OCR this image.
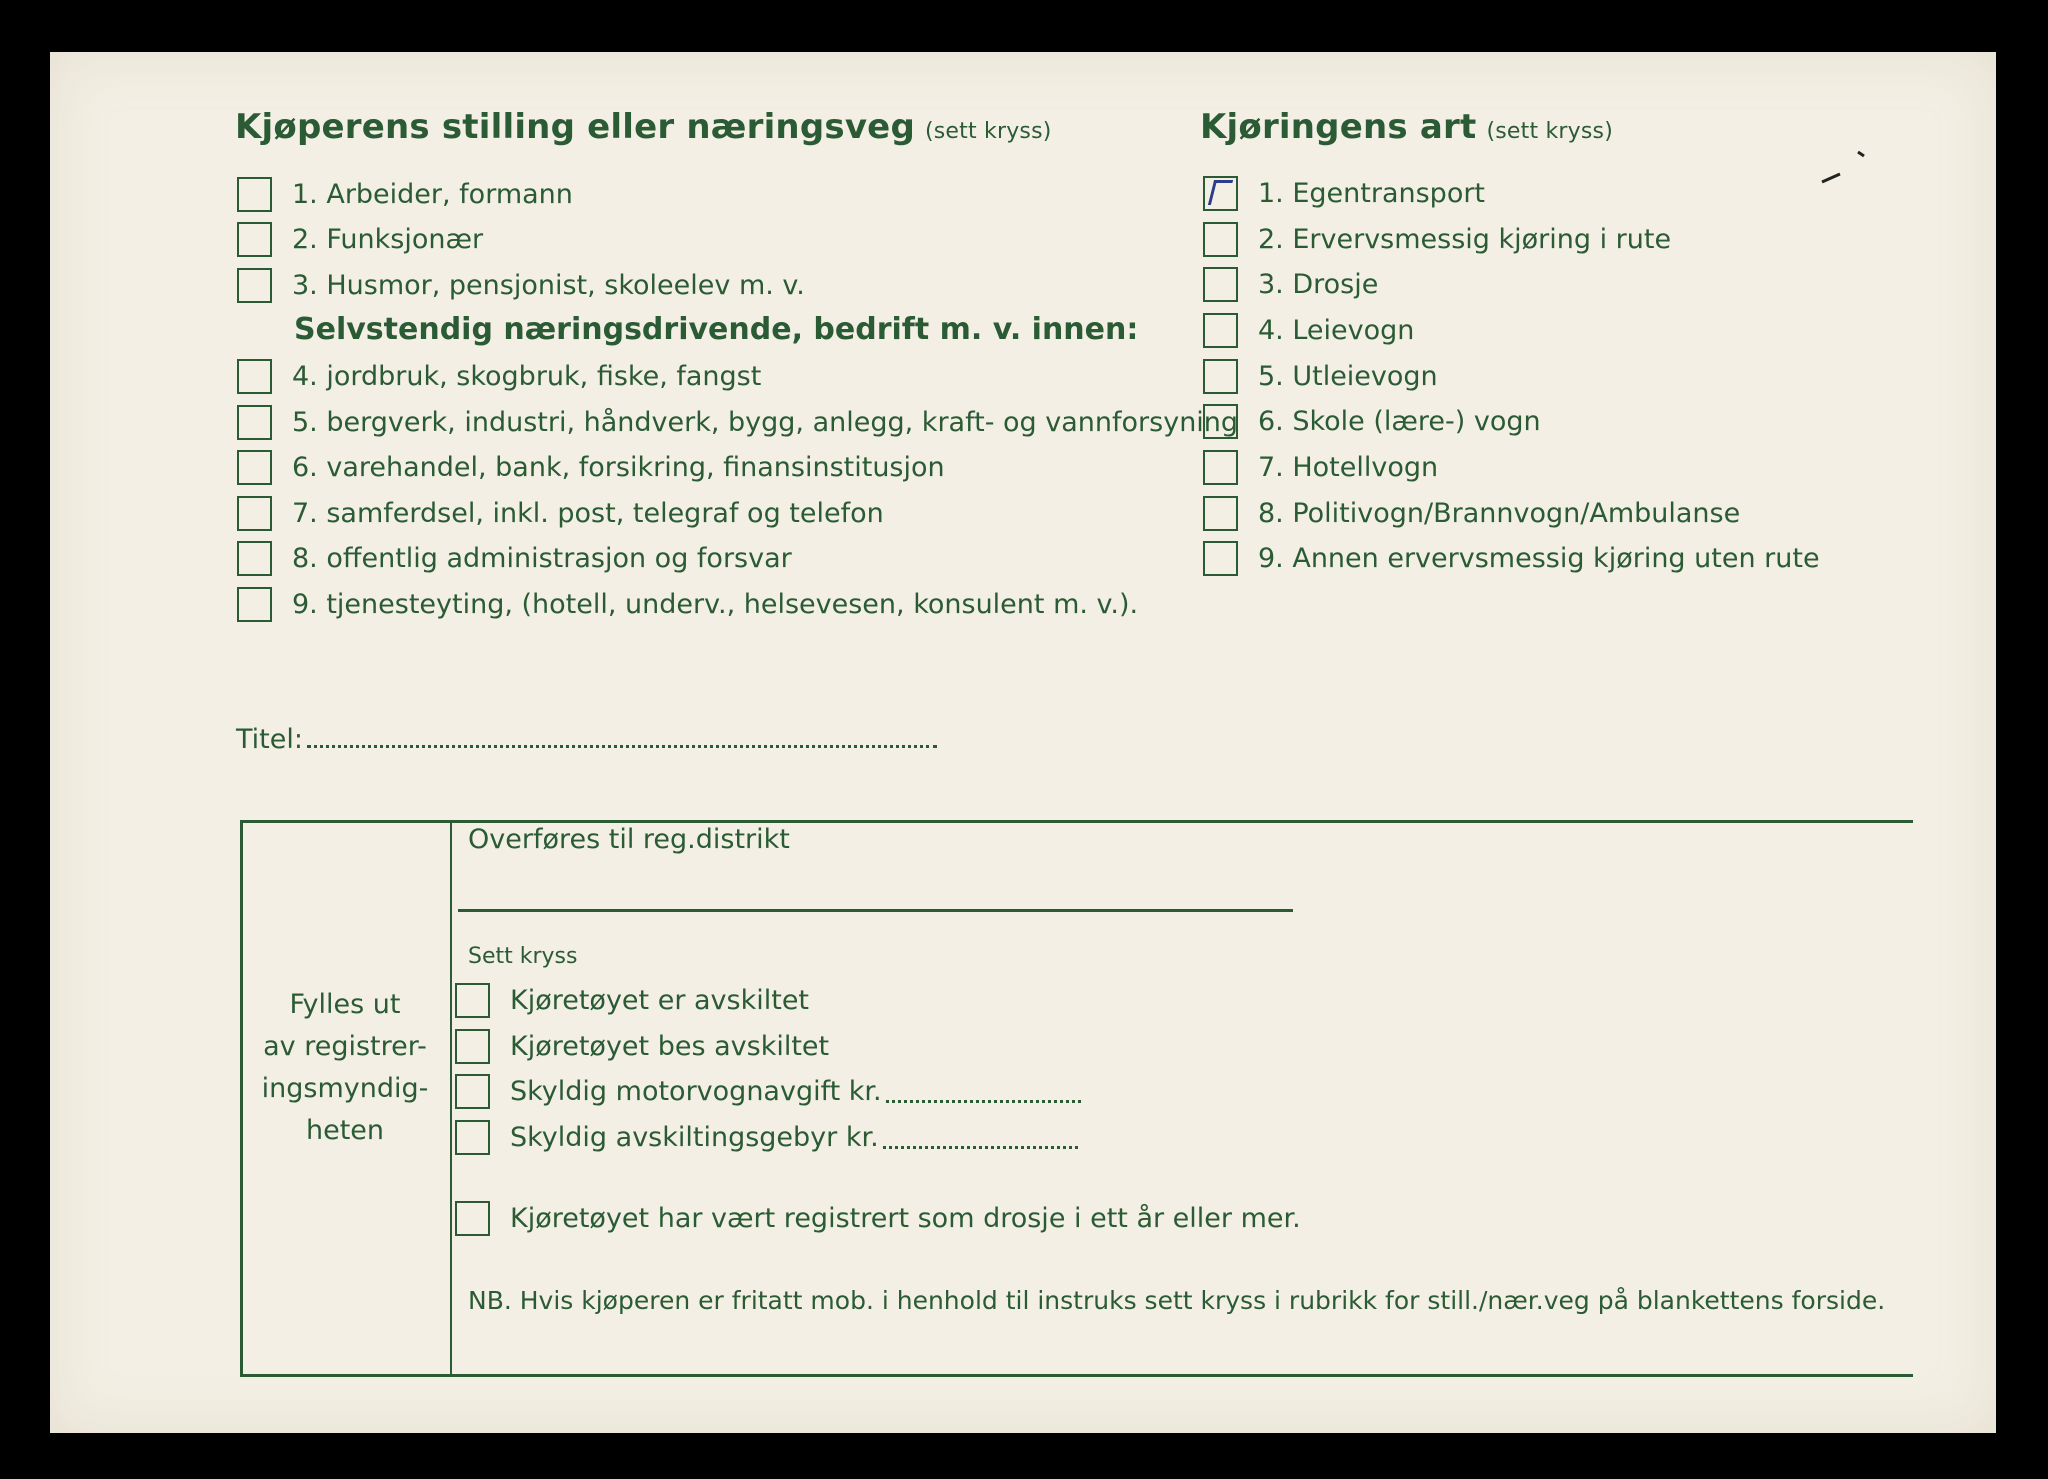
Kjøperens stilling eller næringsveg (sett kryss)
1. Arbeider, formann
2. Funksjonær
3. Husmor, pensjonist, skoleelev m. v.
Selvstendig næringsdrivende, bedrift m. v. innen:
4. jordbruk, skogbruk, fiske, fangst
5. bergverk, industri, håndverk, bygg, anlegg, kraft- og vannforsyning
6. varehandel, bank, forsikring, finansinstitusjon
7. samferdsel, inkl. post, telegraf og telefon
8. offentlig administrasjon og forsvar
9. tjenesteyting, (hotell, underv., helsevesen, konsulent m. v.).
Titel:
Kjøringens art (sett kryss)
1. Egentransport
2. Ervervsmessig kjøring i rute
3. Drosje
4. Leievogn
5. Utleievogn
6. Skole (lære-) vogn
7. Hotellvogn
8. Politivogn/Brannvogn/Ambulanse
9. Annen ervervsmessig kjøring uten rute
Fylles ut
av registrer-
ingsmyndig-
heten
Overføres til reg.distrikt
Sett kryss
Kjøretøyet er avskiltet
Kjøretøyet bes avskiltet
Skyldig motorvognavgift kr.
Skyldig avskiltingsgebyr kr.
Kjøretøyet har vært registrert som drosje i ett år eller mer.
NB. Hvis kjøperen er fritatt mob. i henhold til instruks sett kryss i rubrikk for still./nær.veg på blankettens forside.
